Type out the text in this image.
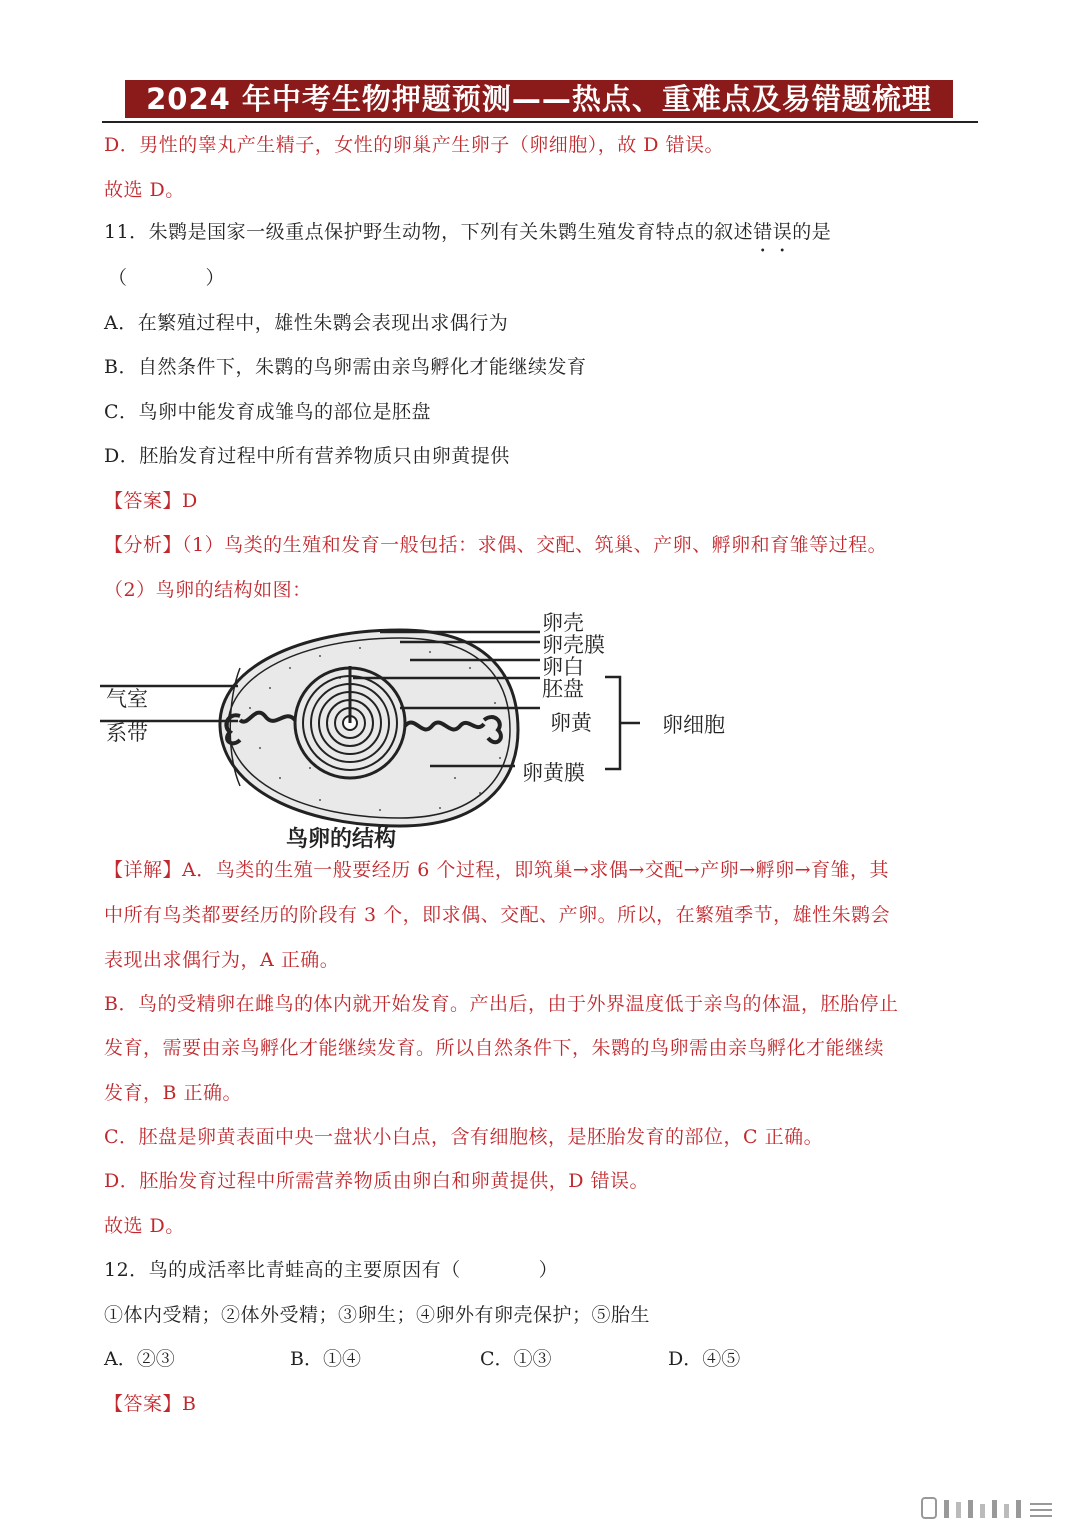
2024 年中考生物押题预测——热点、重难点及易错题梳理
D．男性的睾丸产生精子，女性的卵巢产生卵子（卵细胞），故 D 错误。
故选 D。
11．朱鹮是国家一级重点保护野生动物，下列有关朱鹮生殖发育特点的叙述错误的是
（　　　　）
A．在繁殖过程中，雄性朱鹮会表现出求偶行为
B．自然条件下，朱鹮的鸟卵需由亲鸟孵化才能继续发育
C．鸟卵中能发育成雏鸟的部位是胚盘
D．胚胎发育过程中所有营养物质只由卵黄提供
【答案】D
【分析】（1）鸟类的生殖和发育一般包括：求偶、交配、筑巢、产卵、孵卵和育雏等过程。
（2）鸟卵的结构如图：
卵壳
卵壳膜
卵白
胚盘
卵黄
卵黄膜
气室
系带	卵细胞
鸟卵的结构
【详解】A．鸟类的生殖一般要经历 6 个过程，即筑巢→求偶→交配→产卵→孵卵→育雏，其
中所有鸟类都要经历的阶段有 3 个，即求偶、交配、产卵。所以，在繁殖季节，雄性朱鹮会
表现出求偶行为，A 正确。
B．鸟的受精卵在雌鸟的体内就开始发育。产出后，由于外界温度低于亲鸟的体温，胚胎停止
发育，需要由亲鸟孵化才能继续发育。所以自然条件下，朱鹮的鸟卵需由亲鸟孵化才能继续
发育，B 正确。
C．胚盘是卵黄表面中央一盘状小白点，含有细胞核，是胚胎发育的部位，C 正确。
D．胚胎发育过程中所需营养物质由卵白和卵黄提供，D 错误。
故选 D。
12．鸟的成活率比青蛙高的主要原因有（　　　　）
①体内受精；②体外受精；③卵生；④卵外有卵壳保护；⑤胎生
A．②③	B．①④	C．①③	D．④⑤
【答案】B
